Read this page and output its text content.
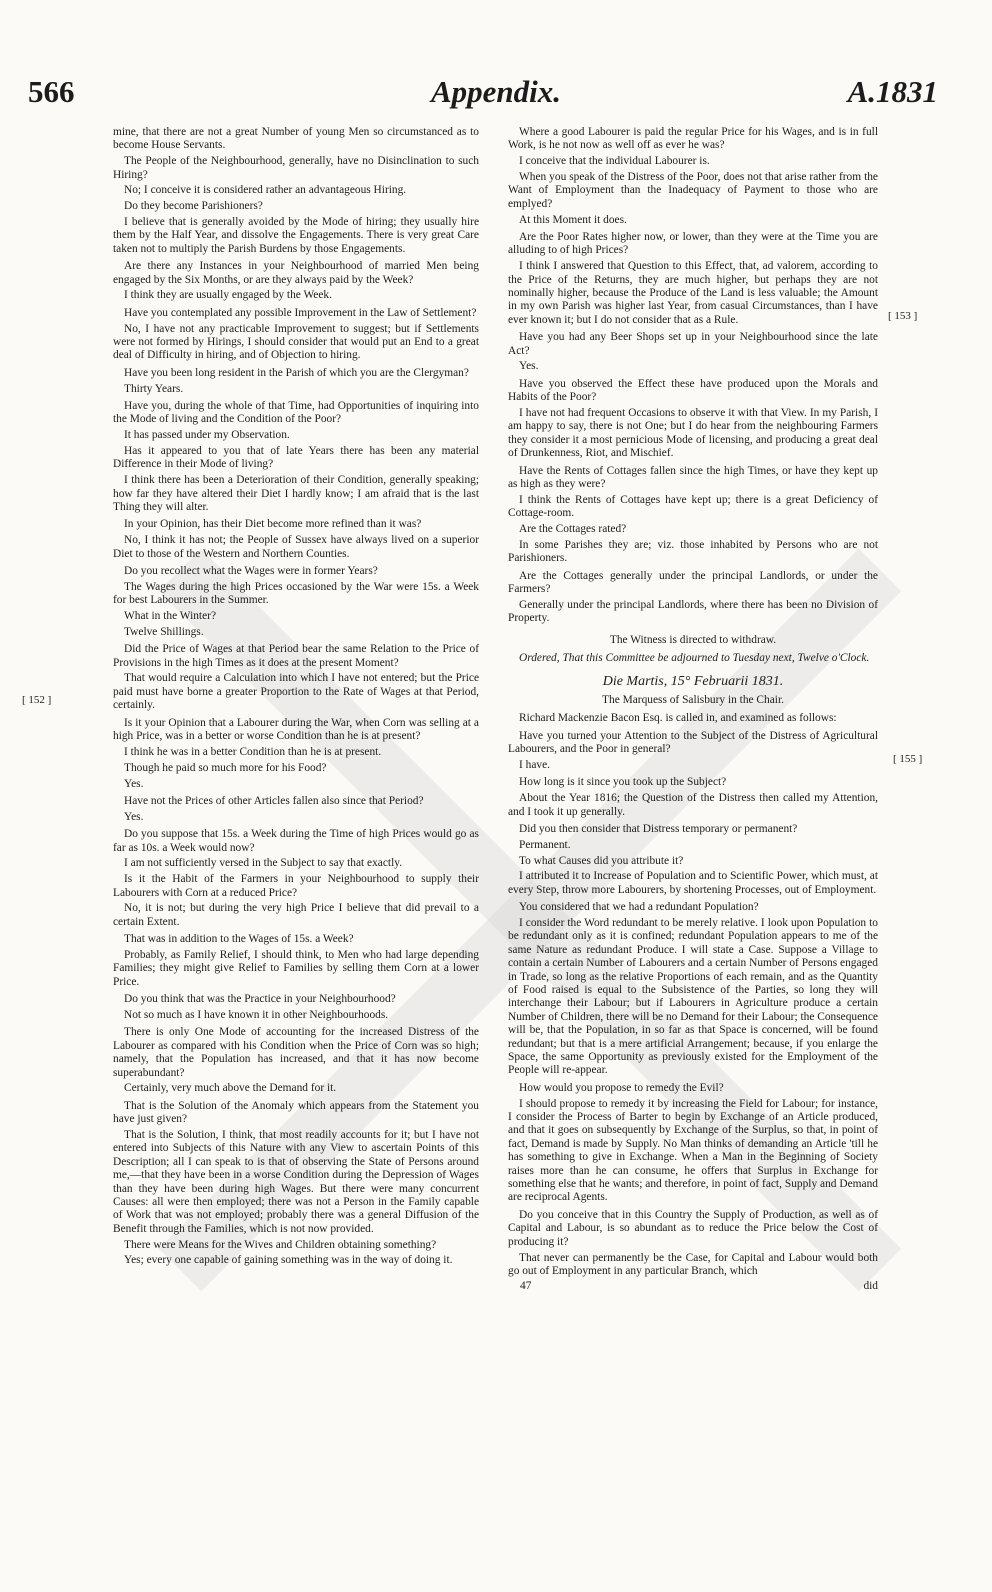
566	Appendix.	A.1831

mine, that there are not a great Number of young Men so circumstanced as to become House Servants.

The People of the Neighbourhood, generally, have no Disinclination to such Hiring?

No; I conceive it is considered rather an advantageous Hiring.

Do they become Parishioners?

I believe that is generally avoided by the Mode of hiring; they usually hire them by the Half Year, and dissolve the Engagements. There is very great Care taken not to multiply the Parish Burdens by those Engagements.

Are there any Instances in your Neighbourhood of married Men being engaged by the Six Months, or are they always paid by the Week?

I think they are usually engaged by the Week.

Have you contemplated any possible Improvement in the Law of Settlement?

No, I have not any practicable Improvement to suggest; but if Settlements were not formed by Hirings, I should consider that would put an End to a great deal of Difficulty in hiring, and of Objection to hiring.

Have you been long resident in the Parish of which you are the Clergyman?

Thirty Years.

Have you, during the whole of that Time, had Opportunities of inquiring into the Mode of living and the Condition of the Poor?

It has passed under my Observation.

Has it appeared to you that of late Years there has been any material Difference in their Mode of living?

I think there has been a Deterioration of their Condition, generally speaking; how far they have altered their Diet I hardly know; I am afraid that is the last Thing they will alter.

In your Opinion, has their Diet become more refined than it was?

No, I think it has not; the People of Sussex have always lived on a superior Diet to those of the Western and Northern Counties.

Do you recollect what the Wages were in former Years?

The Wages during the high Prices occasioned by the War were 15s. a Week for best Labourers in the Summer.

What in the Winter?

Twelve Shillings.

Did the Price of Wages at that Period bear the same Relation to the Price of Provisions in the high Times as it does at the present Moment?

That would require a Calculation into which I have not entered; but the Price paid must have borne a greater Proportion to the Rate of Wages at that Period, certainly.

Is it your Opinion that a Labourer during the War, when Corn was selling at a high Price, was in a better or worse Condition than he is at present?

I think he was in a better Condition than he is at present.

Though he paid so much more for his Food?

Yes.

Have not the Prices of other Articles fallen also since that Period?

Yes.

Do you suppose that 15s. a Week during the Time of high Prices would go as far as 10s. a Week would now?

I am not sufficiently versed in the Subject to say that exactly.

Is it the Habit of the Farmers in your Neighbourhood to supply their Labourers with Corn at a reduced Price?

No, it is not; but during the very high Price I believe that did prevail to a certain Extent.

That was in addition to the Wages of 15s. a Week?

Probably, as Family Relief, I should think, to Men who had large depending Families; they might give Relief to Families by selling them Corn at a lower Price.

Do you think that was the Practice in your Neighbourhood?

Not so much as I have known it in other Neighbourhoods.

There is only One Mode of accounting for the increased Distress of the Labourer as compared with his Condition when the Price of Corn was so high; namely, that the Population has increased, and that it has now become superabundant?

Certainly, very much above the Demand for it.

That is the Solution of the Anomaly which appears from the Statement you have just given?

That is the Solution, I think, that most readily accounts for it; but I have not entered into Subjects of this Nature with any View to ascertain Points of this Description; all I can speak to is that of observing the State of Persons around me,—that they have been in a worse Condition during the Depression of Wages than they have been during high Wages. But there were many concurrent Causes: all were then employed; there was not a Person in the Family capable of Work that was not employed; probably there was a general Diffusion of the Benefit through the Families, which is not now provided.

There were Means for the Wives and Children obtaining something?

Yes; every one capable of gaining something was in the way of doing it.

Where a good Labourer is paid the regular Price for his Wages, and is in full Work, is he not now as well off as ever he was?

I conceive that the individual Labourer is.

When you speak of the Distress of the Poor, does not that arise rather from the Want of Employment than the Inadequacy of Payment to those who are emplyed?

At this Moment it does.

Are the Poor Rates higher now, or lower, than they were at the Time you are alluding to of high Prices?

I think I answered that Question to this Effect, that, ad valorem, according to the Price of the Returns, they are much higher, but perhaps they are not nominally higher, because the Produce of the Land is less valuable; the Amount in my own Parish was higher last Year, from casual Circumstances, than I have ever known it; but I do not consider that as a Rule.

Have you had any Beer Shops set up in your Neighbourhood since the late Act?

Yes.

Have you observed the Effect these have produced upon the Morals and Habits of the Poor?

I have not had frequent Occasions to observe it with that View. In my Parish, I am happy to say, there is not One; but I do hear from the neighbouring Farmers they consider it a most pernicious Mode of licensing, and producing a great deal of Drunkenness, Riot, and Mischief.

Have the Rents of Cottages fallen since the high Times, or have they kept up as high as they were?

I think the Rents of Cottages have kept up; there is a great Deficiency of Cottage-room.

Are the Cottages rated?

In some Parishes they are; viz. those inhabited by Persons who are not Parishioners.

Are the Cottages generally under the principal Landlords, or under the Farmers?

Generally under the principal Landlords, where there has been no Division of Property.

The Witness is directed to withdraw.

Ordered, That this Committee be adjourned to Tuesday next, Twelve o'Clock.

Die Martis, 15° Februarii 1831.

The Marquess of Salisbury in the Chair.

Richard Mackenzie Bacon Esq. is called in, and examined as follows:

Have you turned your Attention to the Subject of the Distress of Agricultural Labourers, and the Poor in general?

I have.

How long is it since you took up the Subject?

About the Year 1816; the Question of the Distress then called my Attention, and I took it up generally.

Did you then consider that Distress temporary or permanent?

Permanent.

To what Causes did you attribute it?

I attributed it to Increase of Population and to Scientific Power, which must, at every Step, throw more Labourers, by shortening Processes, out of Employment.

You considered that we had a redundant Population?

I consider the Word redundant to be merely relative. I look upon Population to be redundant only as it is confined; redundant Population appears to me of the same Nature as redundant Produce. I will state a Case. Suppose a Village to contain a certain Number of Labourers and a certain Number of Persons engaged in Trade, so long as the relative Proportions of each remain, and as the Quantity of Food raised is equal to the Subsistence of the Parties, so long they will interchange their Labour; but if Labourers in Agriculture produce a certain Number of Children, there will be no Demand for their Labour; the Consequence will be, that the Population, in so far as that Space is concerned, will be found redundant; but that is a mere artificial Arrangement; because, if you enlarge the Space, the same Opportunity as previously existed for the Employment of the People will re-appear.

How would you propose to remedy the Evil?

I should propose to remedy it by increasing the Field for Labour; for instance, I consider the Process of Barter to begin by Exchange of an Article produced, and that it goes on subsequently by Exchange of the Surplus, so that, in point of fact, Demand is made by Supply. No Man thinks of demanding an Article 'till he has something to give in Exchange. When a Man in the Beginning of Society raises more than he can consume, he offers that Surplus in Exchange for something else that he wants; and therefore, in point of fact, Supply and Demand are reciprocal Agents.

Do you conceive that in this Country the Supply of Production, as well as of Capital and Labour, is so abundant as to reduce the Price below the Cost of producing it?

That never can permanently be the Case, for Capital and Labour would both go out of Employment in any particular Branch, which

47	did
[ 152 ]
[ 153 ]
[ 155 ]
